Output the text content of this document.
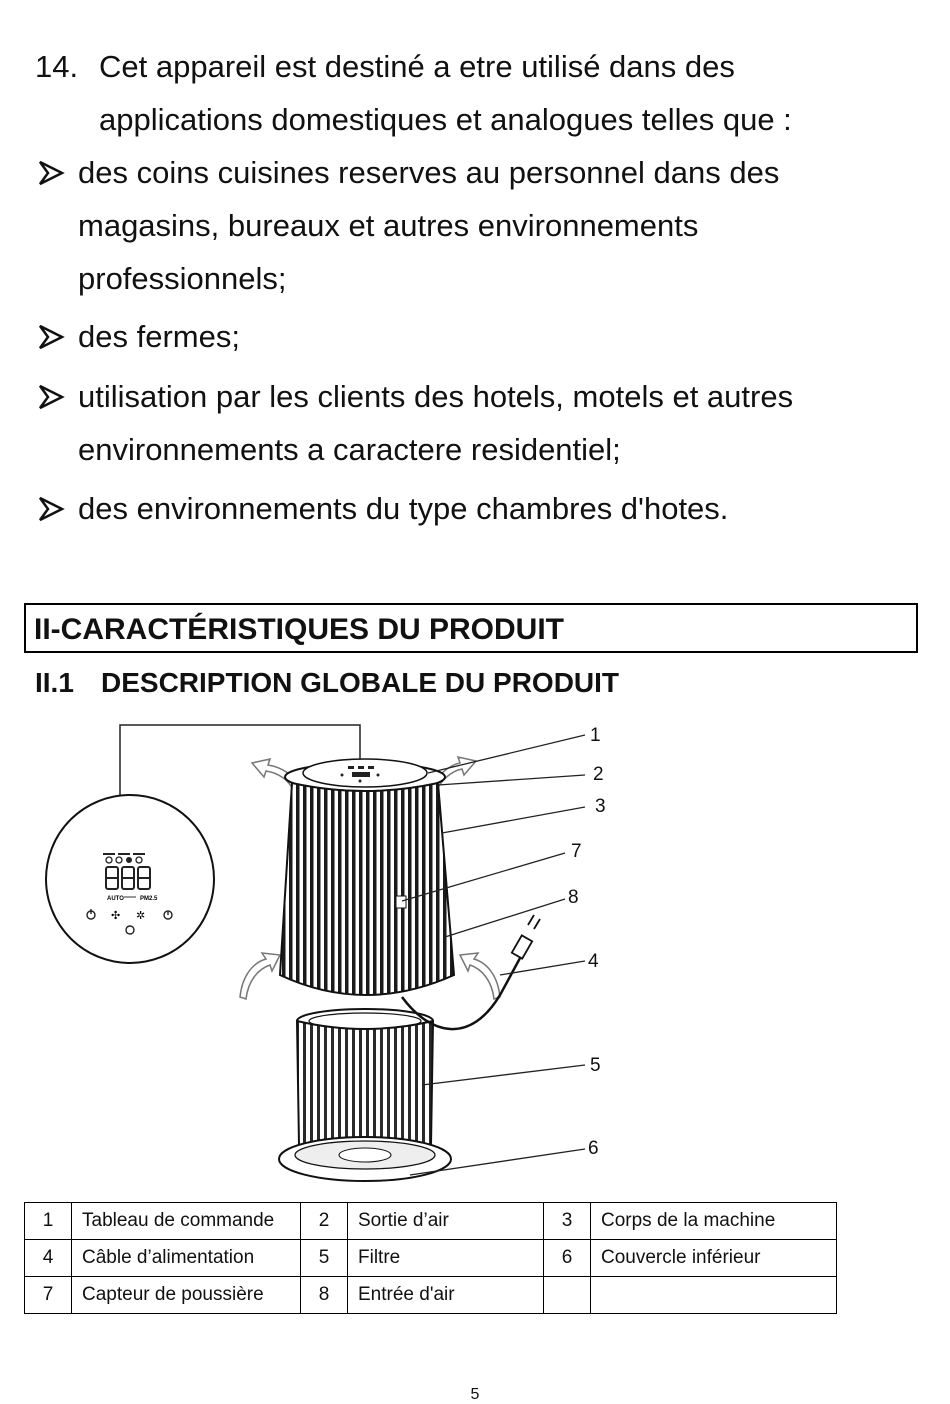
14. Cet appareil est destiné a etre utilisé dans des
applications domestiques et analogues telles que :
des coins cuisines reserves au personnel dans des
magasins, bureaux et autres environnements
professionnels;
des fermes;
utilisation par les clients des hotels, motels et autres
environnements a caractere residentiel;
des environnements du type chambres d'hotes.
II-CARACTÉRISTIQUES DU PRODUIT
II.1 DESCRIPTION GLOBALE DU PRODUIT
AUTO	PM2.5
✣ ✲
1
2
3
7
8
4
5
6
1	Tableau de commande	2	Sortie d’air	3	Corps de la machine
4	Câble d’alimentation	5	Filtre	6	Couvercle inférieur
7	Capteur de poussière	8	Entrée d'air		
5
